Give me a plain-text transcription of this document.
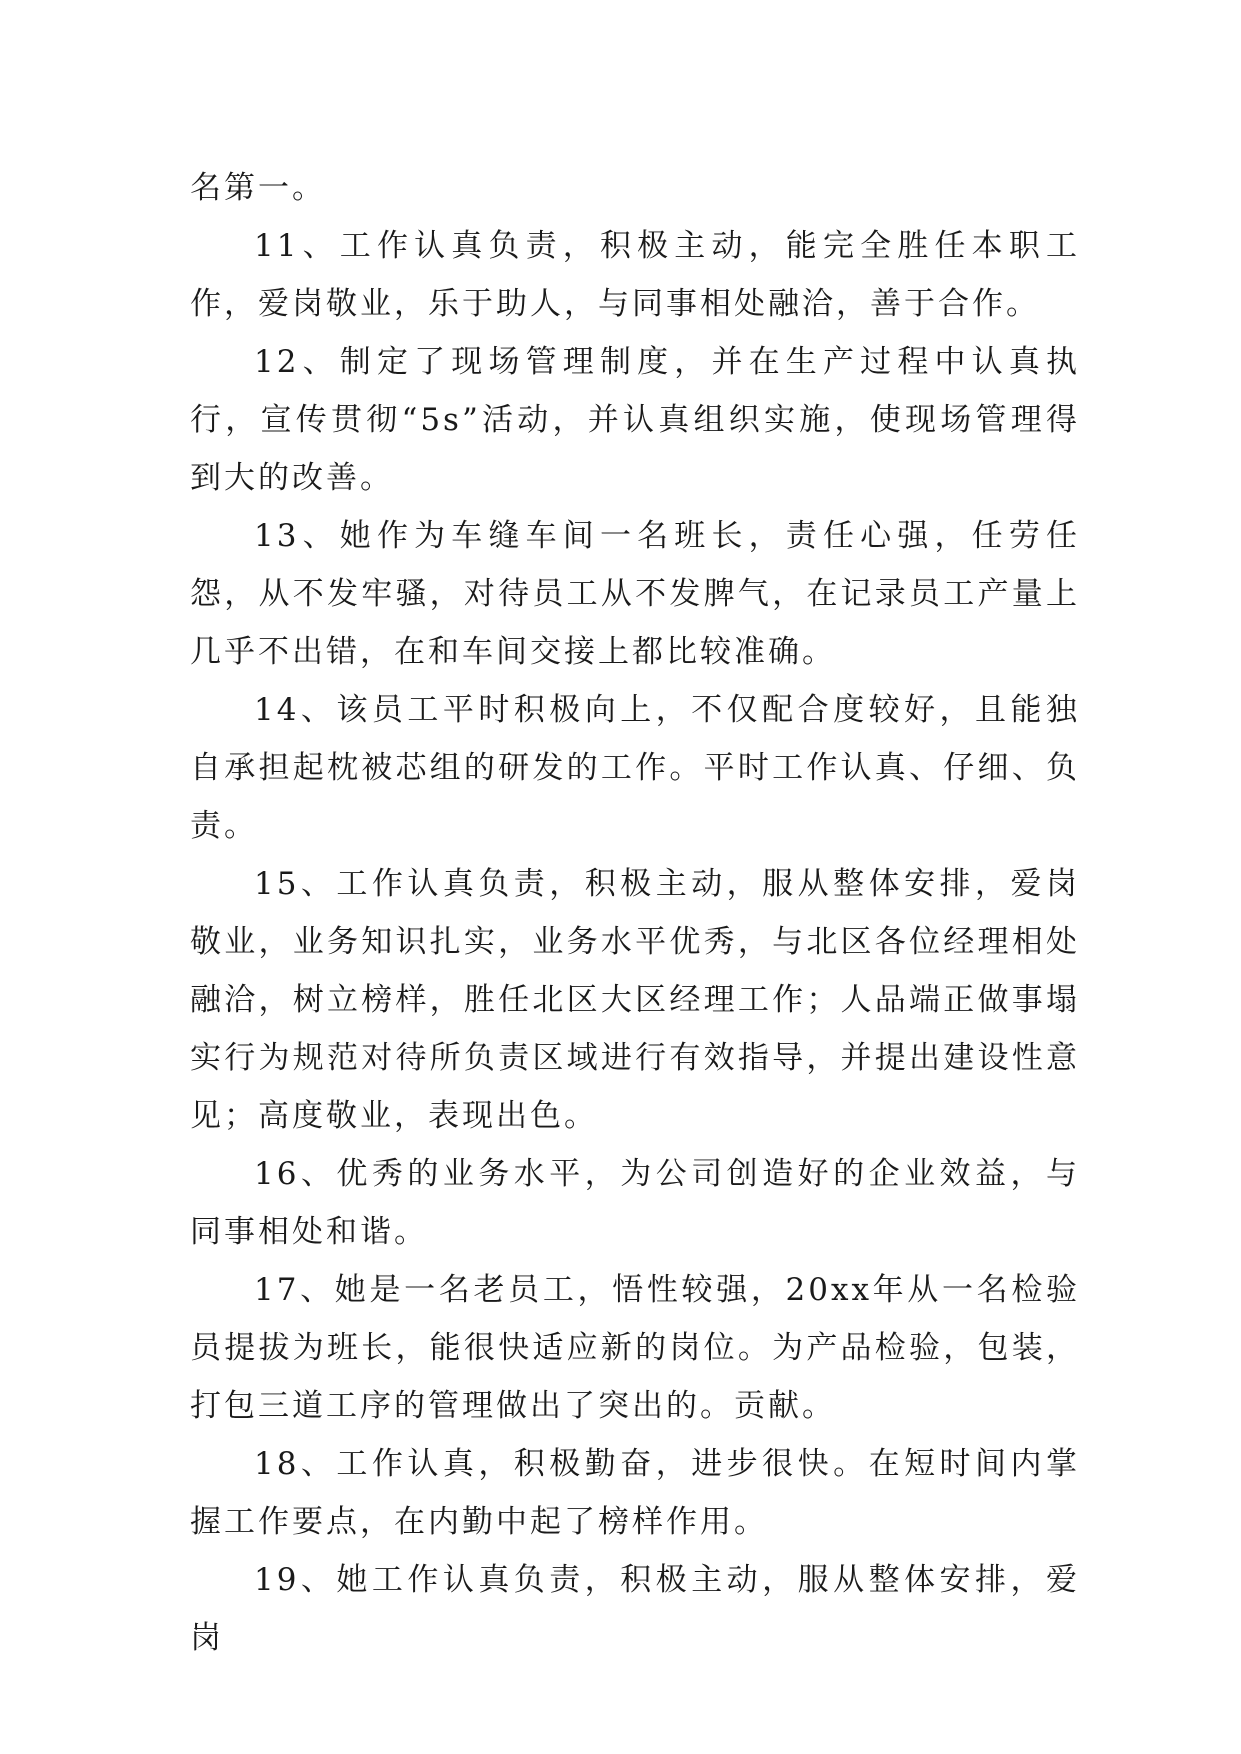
名第一。

11、工作认真负责，积极主动，能完全胜任本职工作，爱岗敬业，乐于助人，与同事相处融洽，善于合作。

12、制定了现场管理制度，并在生产过程中认真执行，宣传贯彻“5s”活动，并认真组织实施，使现场管理得到大的改善。

13、她作为车缝车间一名班长，责任心强，任劳任怨，从不发牢骚，对待员工从不发脾气，在记录员工产量上几乎不出错，在和车间交接上都比较准确。

14、该员工平时积极向上，不仅配合度较好，且能独自承担起枕被芯组的研发的工作。平时工作认真、仔细、负责。

15、工作认真负责，积极主动，服从整体安排，爱岗敬业，业务知识扎实，业务水平优秀，与北区各位经理相处融洽，树立榜样，胜任北区大区经理工作；人品端正做事塌实行为规范对待所负责区域进行有效指导，并提出建设性意见；高度敬业，表现出色。

16、优秀的业务水平，为公司创造好的企业效益，与同事相处和谐。

17、她是一名老员工，悟性较强，20xx年从一名检验员提拔为班长，能很快适应新的岗位。为产品检验，包装，打包三道工序的管理做出了突出的。贡献。

18、工作认真，积极勤奋，进步很快。在短时间内掌握工作要点，在内勤中起了榜样作用。

19、她工作认真负责，积极主动，服从整体安排，爱岗
